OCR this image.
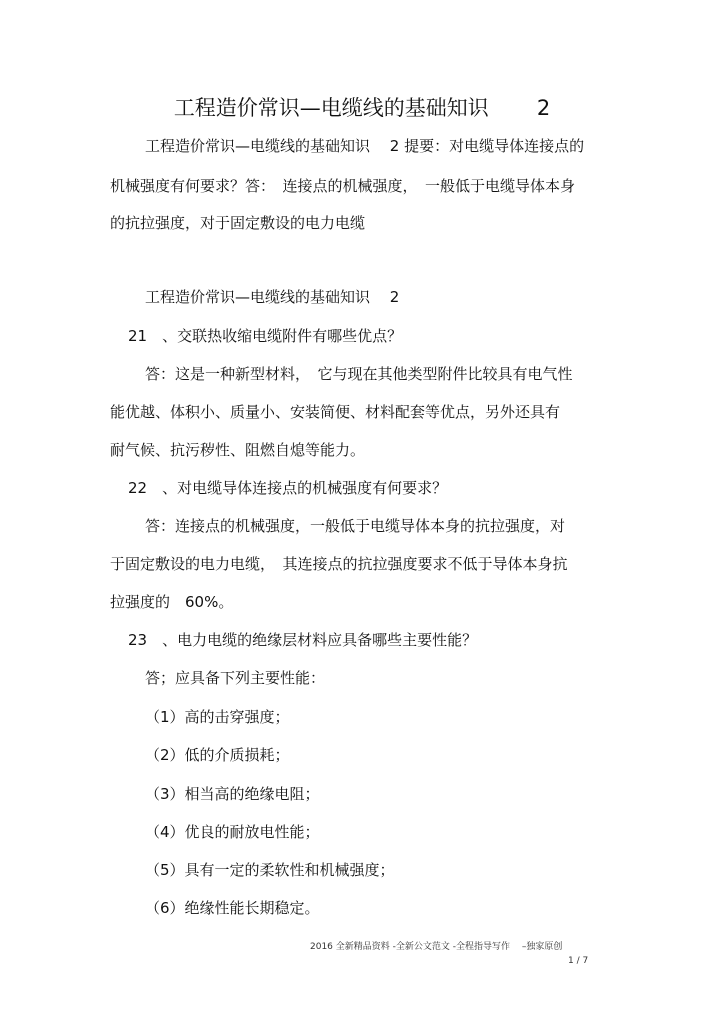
工程造价常识—电缆线的基础知识 2
工程造价常识—电缆线的基础知识　 2 提要：对电缆导体连接点的
机械强度有何要求？答：　连接点的机械强度，　一般低于电缆导体本身
的抗拉强度，对于固定敷设的电力电缆
工程造价常识—电缆线的基础知识　 2
21　、交联热收缩电缆附件有哪些优点？
答：这是一种新型材料，　它与现在其他类型附件比较具有电气性
能优越、体积小、质量小、安装简便、材料配套等优点，另外还具有
耐气候、抗污秽性、阻燃自熄等能力。
22　、对电缆导体连接点的机械强度有何要求？
答：连接点的机械强度，一般低于电缆导体本身的抗拉强度，对
于固定敷设的电力电缆，　其连接点的抗拉强度要求不低于导体本身抗
拉强度的　60%。
23　、电力电缆的绝缘层材料应具备哪些主要性能？
答；应具备下列主要性能：
（1）高的击穿强度；
（2）低的介质损耗；
（3）相当高的绝缘电阻；
（4）优良的耐放电性能；
（5）具有一定的柔软性和机械强度；
（6）绝缘性能长期稳定。
2016 全新精品资料 -全新公文范文 -全程指导写作　 –独家原创
1 / 7
